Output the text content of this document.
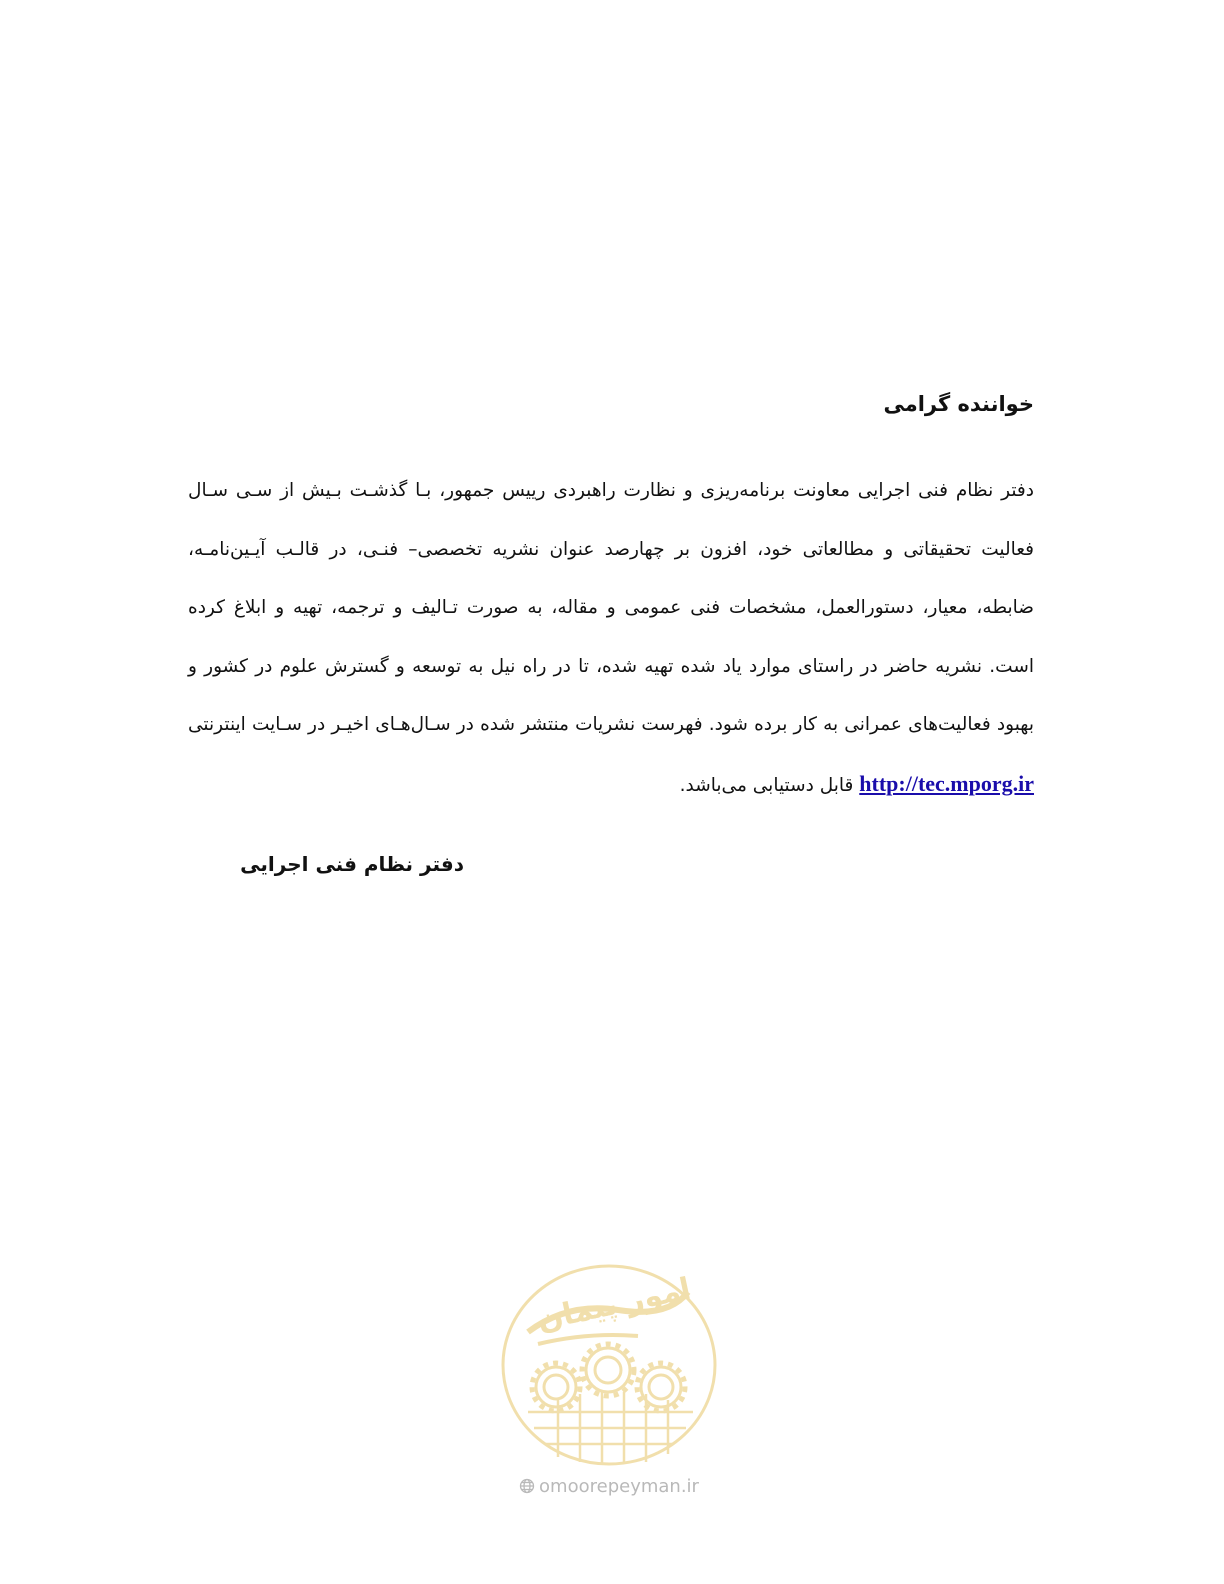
خواننده گرامی

دفتر نظام فنی اجرایی معاونت برنامه‌ریزی و نظارت راهبردی رییس جمهور، بـا گذشـت بـیش از سـی سـال فعالیت تحقیقاتی و مطالعاتی خود، افزون بر چهارصد عنوان نشریه تخصصی– فنـی، در قالـب آیـین‌نامـه، ضابطه، معیار، دستورالعمل، مشخصات فنی عمومی و مقاله، به صورت تـالیف و ترجمه، تهیه و ابلاغ کرده است. نشریه حاضر در راستای موارد یاد شده تهیه شده، تا در راه نیل به توسعه و گسترش علوم در کشور و بهبود فعالیت‌های عمرانی به کار برده شود. فهرست نشریات منتشر شده در سـال‌هـای اخیـر در سـایت اینترنتی http://tec.mporg.ir قابل دستیابی می‌باشد.

دفتر نظام فنی اجرایی

امور پیمان
omoorepeyman.ir
